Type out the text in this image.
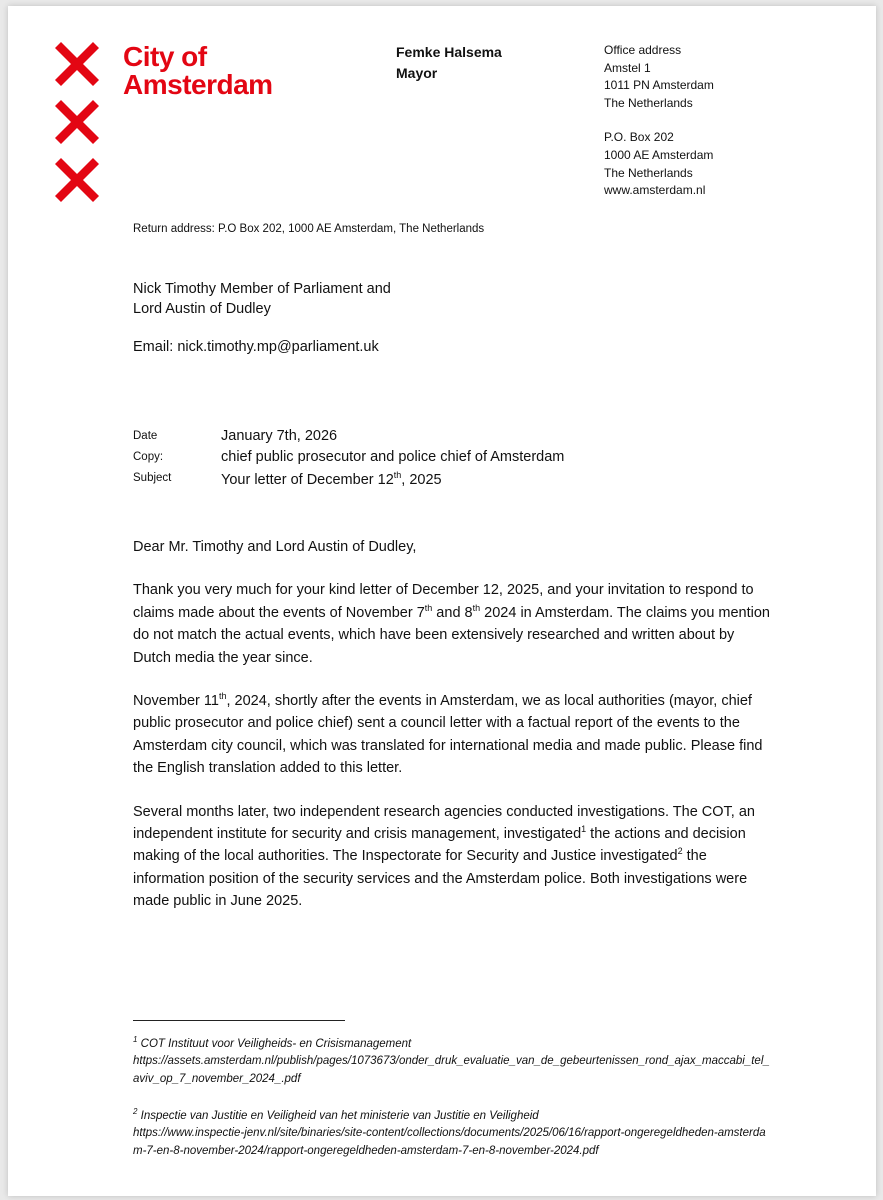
City of
Amsterdam
Femke Halsema
Mayor
Office address
Amstel 1
1011 PN Amsterdam
The Netherlands
P.O. Box 202
1000 AE Amsterdam
The Netherlands
www.amsterdam.nl
Return address: P.O Box 202, 1000 AE Amsterdam, The Netherlands
Nick Timothy Member of Parliament and
Lord Austin of Dudley
Email: nick.timothy.mp@parliament.uk
Date	January 7th, 2026
Copy:	chief public prosecutor and police chief of Amsterdam
Subject	Your letter of December 12th, 2025

Dear Mr. Timothy and Lord Austin of Dudley,

Thank you very much for your kind letter of December 12, 2025, and your invitation to respond to claims made about the events of November 7th and 8th 2024 in Amsterdam. The claims you mention do not match the actual events, which have been extensively researched and written about by Dutch media the year since.

November 11th, 2024, shortly after the events in Amsterdam, we as local authorities (mayor, chief public prosecutor and police chief) sent a council letter with a factual report of the events to the Amsterdam city council, which was translated for international media and made public. Please find the English translation added to this letter.

Several months later, two independent research agencies conducted investigations. The COT, an independent institute for security and crisis management, investigated$^1$ the actions and decision making of the local authorities. The Inspectorate for Security and Justice investigated$^2$ the information position of the security services and the Amsterdam police. Both investigations were made public in June 2025.

$^1$ COT Instituut voor Veiligheids- en Crisismanagement
https://assets.amsterdam.nl/publish/pages/1073673/onder_druk_evaluatie_van_de_gebeurtenissen_rond_ajax_maccabi_tel_aviv_op_7_november_2024_.pdf

$^2$ Inspectie van Justitie en Veiligheid van het ministerie van Justitie en Veiligheid
https://www.inspectie-jenv.nl/site/binaries/site-content/collections/documents/2025/06/16/rapport-ongeregeldheden-amsterdam-7-en-8-november-2024/rapport-ongeregeldheden-amsterdam-7-en-8-november-2024.pdf
